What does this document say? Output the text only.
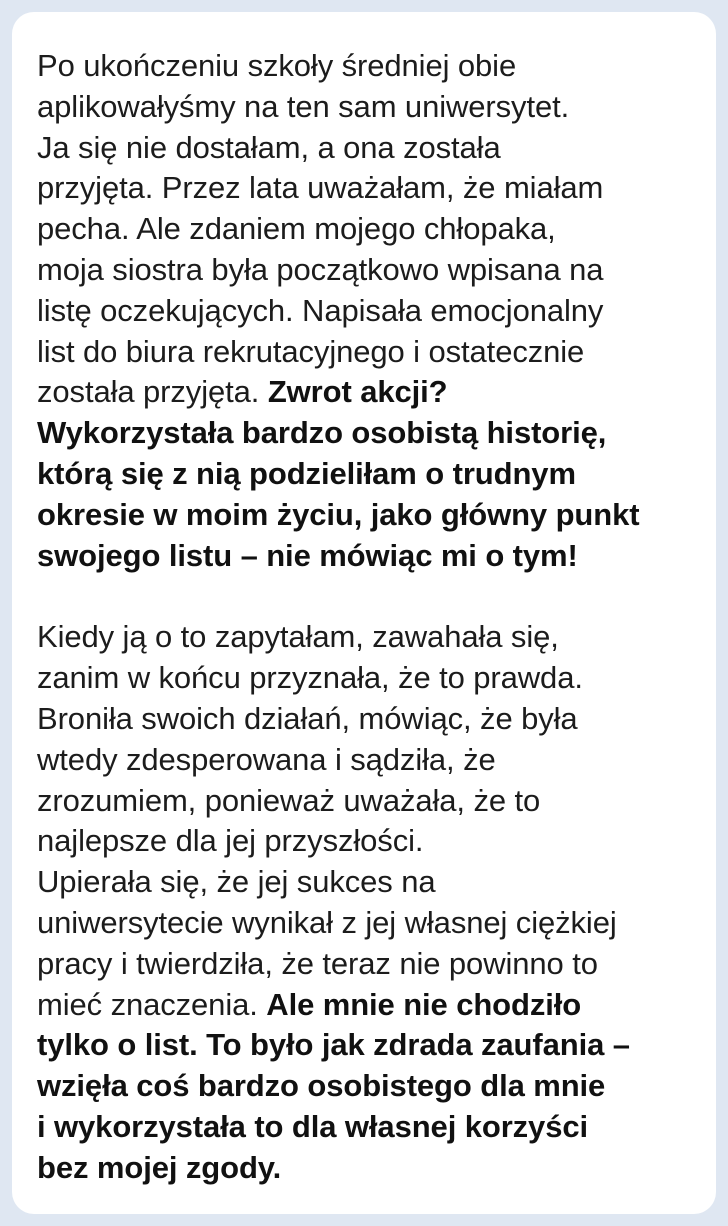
Po ukończeniu szkoły średniej obie
aplikowałyśmy na ten sam uniwersytet.
Ja się nie dostałam, a ona została
przyjęta. Przez lata uważałam, że miałam
pecha. Ale zdaniem mojego chłopaka,
moja siostra była początkowo wpisana na
listę oczekujących. Napisała emocjonalny
list do biura rekrutacyjnego i ostatecznie
została przyjęta. Zwrot akcji?
Wykorzystała bardzo osobistą historię,
którą się z nią podzieliłam o trudnym
okresie w moim życiu, jako główny punkt
swojego listu – nie mówiąc mi o tym!

Kiedy ją o to zapytałam, zawahała się,
zanim w końcu przyznała, że to prawda.
Broniła swoich działań, mówiąc, że była
wtedy zdesperowana i sądziła, że
zrozumiem, ponieważ uważała, że to
najlepsze dla jej przyszłości.
Upierała się, że jej sukces na
uniwersytecie wynikał z jej własnej ciężkiej
pracy i twierdziła, że teraz nie powinno to
mieć znaczenia. Ale mnie nie chodziło
tylko o list. To było jak zdrada zaufania –
wzięła coś bardzo osobistego dla mnie
i wykorzystała to dla własnej korzyści
bez mojej zgody.
